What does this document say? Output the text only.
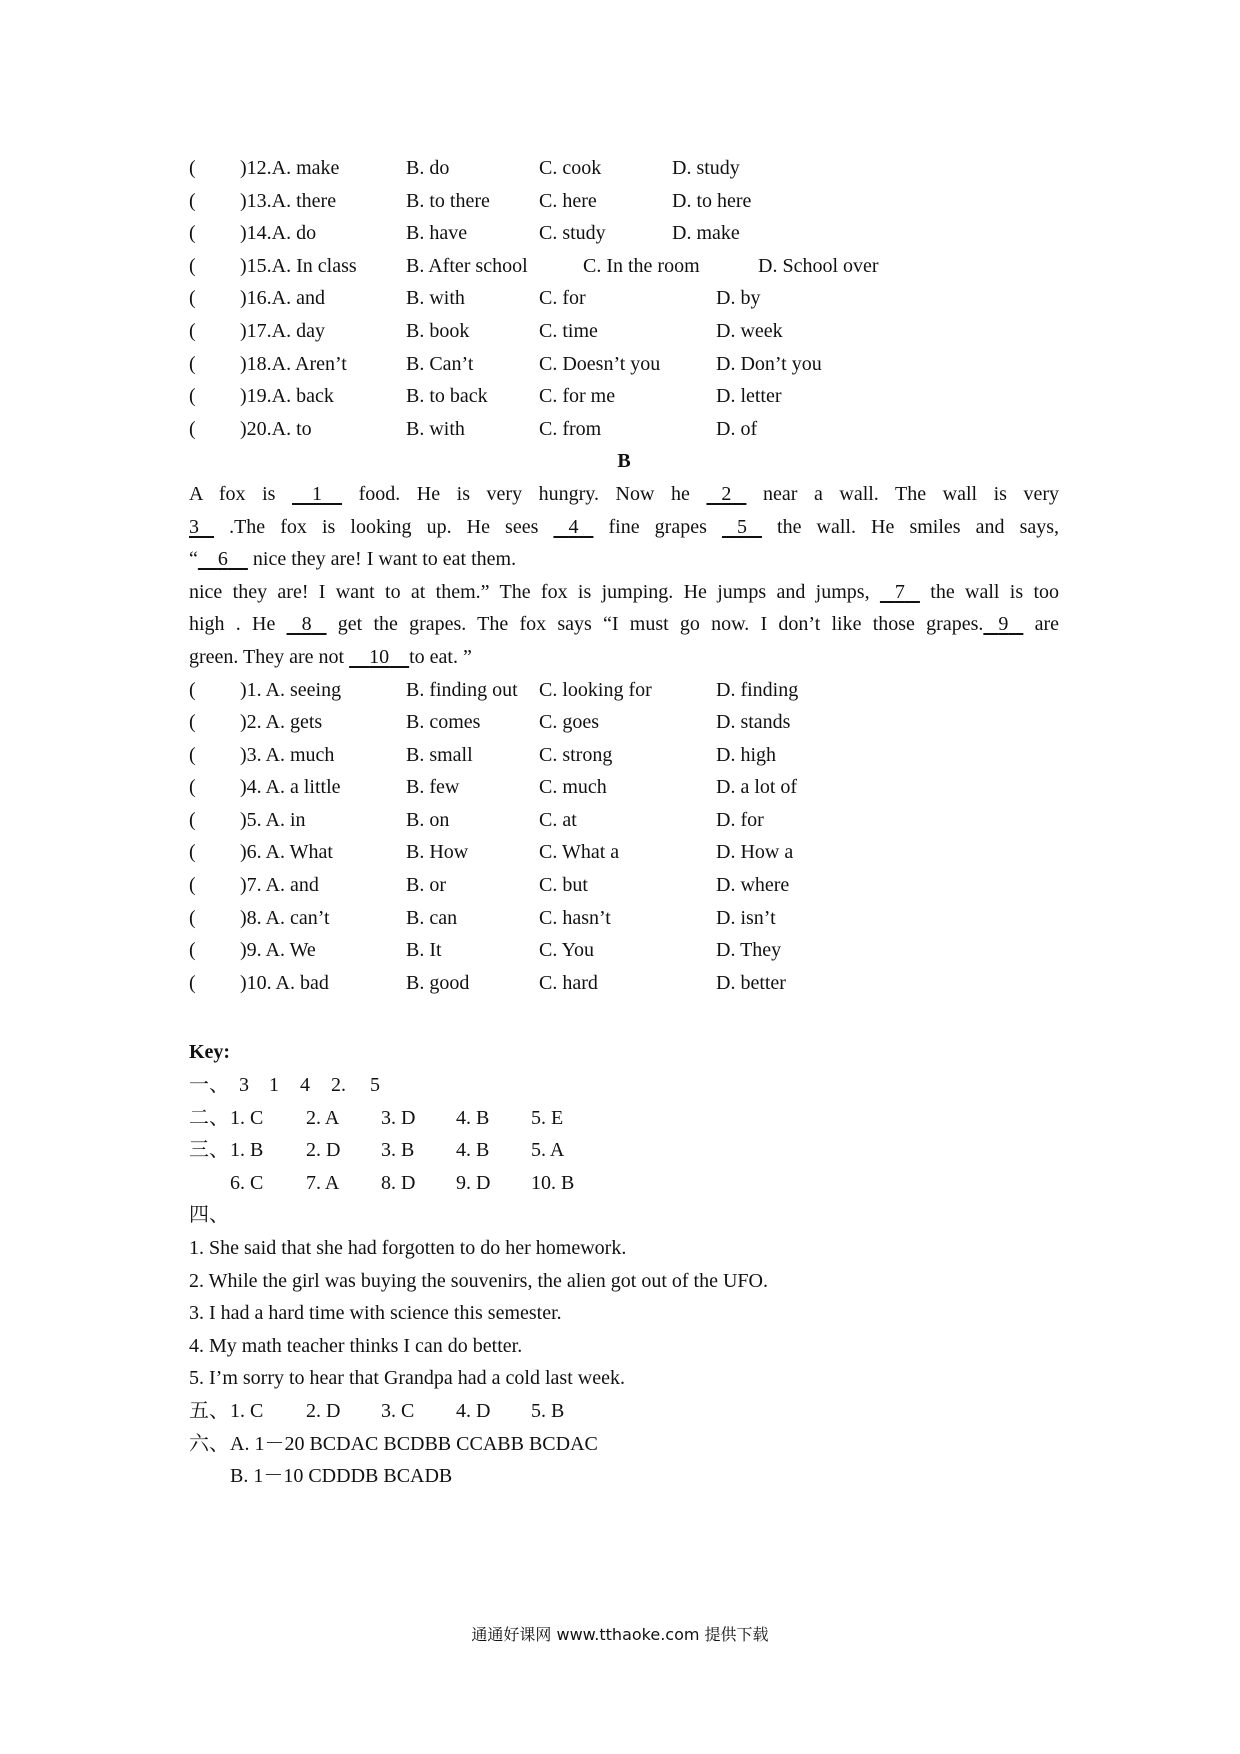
( )12.A. make	B. do	C. cook	D. study
( )13.A. there	B. to there C. here	D. to here
( )14.A. do	B. have	C. study	D. make
( )15.A. In class B. After school	C. In the room	D. School over
( )16.A. and	B. with	C. for	D. by
( )17.A. day	B. book	C. time	D. week
( )18.A. Aren’t	B. Can’t	C. Doesn’t you	D. Don’t you
( )19.A. back	B. to back	C. for me	D. letter
( )20.A. to	B. with	C. from	D. of
B
A fox is 1 food. He is very hungry. Now he 2 near a wall. The wall is very
3 .The fox is looking up. He sees 4 fine grapes 5 the wall. He smiles and says,
“ 6 nice they are! I want to eat them.
nice they are! I want to at them.” The fox is jumping. He jumps and jumps, 7 the wall is too
high . He 8 get the grapes. The fox says “I must go now. I don’t like those grapes. 9 are
green. They are not 10 to eat. ”
( )1. A. seeing	B. finding out C. looking for	D. finding
( )2. A. gets	B. comes	C. goes	D. stands
( )3. A. much	B. small	C. strong	D. high
( )4. A. a little	B. few	C. much	D. a lot of
( )5. A. in	B. on	C. at	D. for
( )6. A. What	B. How	C. What a	D. How a
( )7. A. and	B. or	C. but	D. where
( )8. A. can’t	B. can	C. hasn’t	D. isn’t
( )9. A. We	B. It	C. You	D. They
( )10. A. bad	B. good	C. hard	D. better
Key:
一、 3 1 4 2. 5
二、 1. C 2. A 3. D 4. B 5. E
三、 1. B 2. D 3. B 4. B 5. A
6. C 7. A 8. D 9. D 10. B
四、
1. She said that she had forgotten to do her homework.
2. While the girl was buying the souvenirs, the alien got out of the UFO.
3. I had a hard time with science this semester.
4. My math teacher thinks I can do better.
5. I’m sorry to hear that Grandpa had a cold last week.
五、 1. C 2. D 3. C 4. D 5. B
六、 A. 1－20 BCDAC BCDBB CCABB BCDAC
B. 1－10 CDDDB BCADB
通通好课网 www.tthaoke.com 提供下载
